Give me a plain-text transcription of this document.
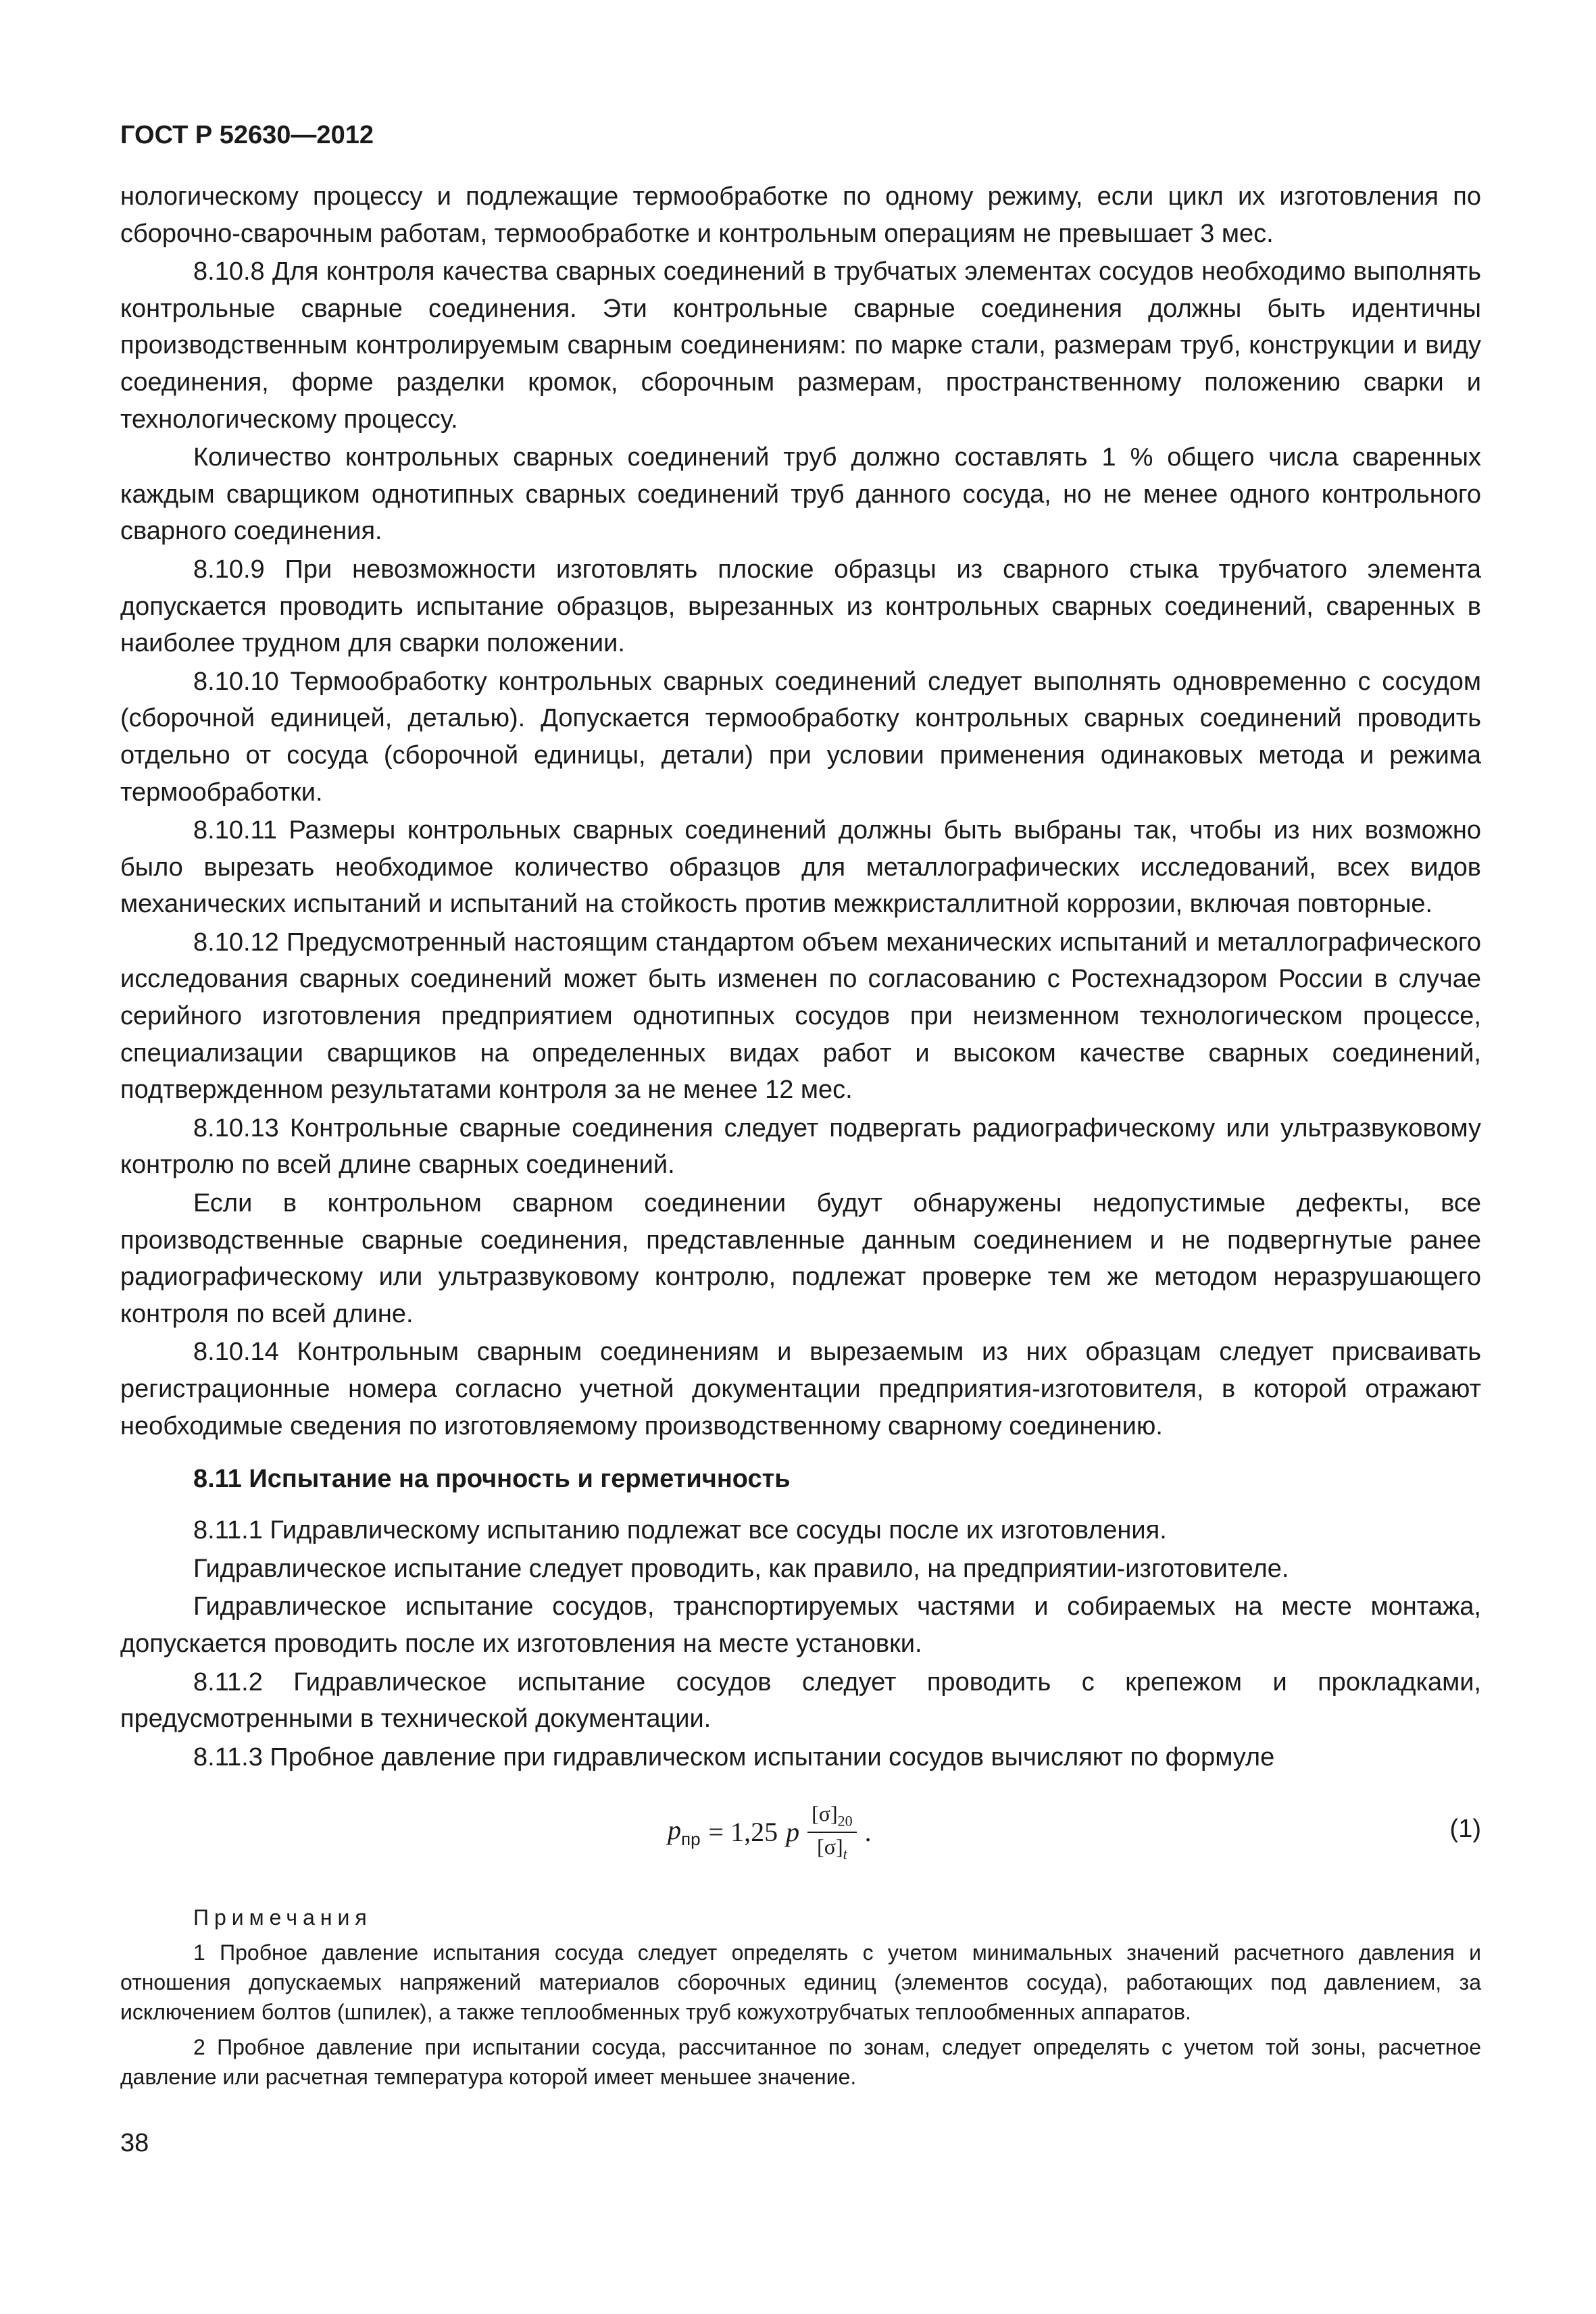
ГОСТ Р 52630—2012

нологическому процессу и подлежащие термообработке по одному режиму, если цикл их изготовления по сборочно-сварочным работам, термообработке и контрольным операциям не превышает 3 мес.

8.10.8 Для контроля качества сварных соединений в трубчатых элементах сосудов необходимо выполнять контрольные сварные соединения. Эти контрольные сварные соединения должны быть идентичны производственным контролируемым сварным соединениям: по марке стали, размерам труб, конструкции и виду соединения, форме разделки кромок, сборочным размерам, пространственному положению сварки и технологическому процессу.

Количество контрольных сварных соединений труб должно составлять 1 % общего числа сваренных каждым сварщиком однотипных сварных соединений труб данного сосуда, но не менее одного контрольного сварного соединения.

8.10.9 При невозможности изготовлять плоские образцы из сварного стыка трубчатого элемента допускается проводить испытание образцов, вырезанных из контрольных сварных соединений, сваренных в наиболее трудном для сварки положении.

8.10.10 Термообработку контрольных сварных соединений следует выполнять одновременно с сосудом (сборочной единицей, деталью). Допускается термообработку контрольных сварных соединений проводить отдельно от сосуда (сборочной единицы, детали) при условии применения одинаковых метода и режима термообработки.

8.10.11 Размеры контрольных сварных соединений должны быть выбраны так, чтобы из них возможно было вырезать необходимое количество образцов для металлографических исследований, всех видов механических испытаний и испытаний на стойкость против межкристаллитной коррозии, включая повторные.

8.10.12 Предусмотренный настоящим стандартом объем механических испытаний и металлографического исследования сварных соединений может быть изменен по согласованию с Ростехнадзором России в случае серийного изготовления предприятием однотипных сосудов при неизменном технологическом процессе, специализации сварщиков на определенных видах работ и высоком качестве сварных соединений, подтвержденном результатами контроля за не менее 12 мес.

8.10.13 Контрольные сварные соединения следует подвергать радиографическому или ультразвуковому контролю по всей длине сварных соединений.

Если в контрольном сварном соединении будут обнаружены недопустимые дефекты, все производственные сварные соединения, представленные данным соединением и не подвергнутые ранее радиографическому или ультразвуковому контролю, подлежат проверке тем же методом неразрушающего контроля по всей длине.

8.10.14 Контрольным сварным соединениям и вырезаемым из них образцам следует присваивать регистрационные номера согласно учетной документации предприятия-изготовителя, в которой отражают необходимые сведения по изготовляемому производственному сварному соединению.

8.11 Испытание на прочность и герметичность

8.11.1 Гидравлическому испытанию подлежат все сосуды после их изготовления.

Гидравлическое испытание следует проводить, как правило, на предприятии-изготовителе.

Гидравлическое испытание сосудов, транспортируемых частями и собираемых на месте монтажа, допускается проводить после их изготовления на месте установки.

8.11.2 Гидравлическое испытание сосудов следует проводить с крепежом и прокладками, предусмотренными в технической документации.

8.11.3 Пробное давление при гидравлическом испытании сосудов вычисляют по формуле

$p_{пр} = 1,25$ p $\frac{[\sigma]_{20}}{[\sigma]_t}$ .	(1)
Примечания

1 Пробное давление испытания сосуда следует определять с учетом минимальных значений расчетного давления и отношения допускаемых напряжений материалов сборочных единиц (элементов сосуда), работающих под давлением, за исключением болтов (шпилек), а также теплообменных труб кожухотрубчатых теплообменных аппаратов.

2 Пробное давление при испытании сосуда, рассчитанное по зонам, следует определять с учетом той зоны, расчетное давление или расчетная температура которой имеет меньшее значение.

38
